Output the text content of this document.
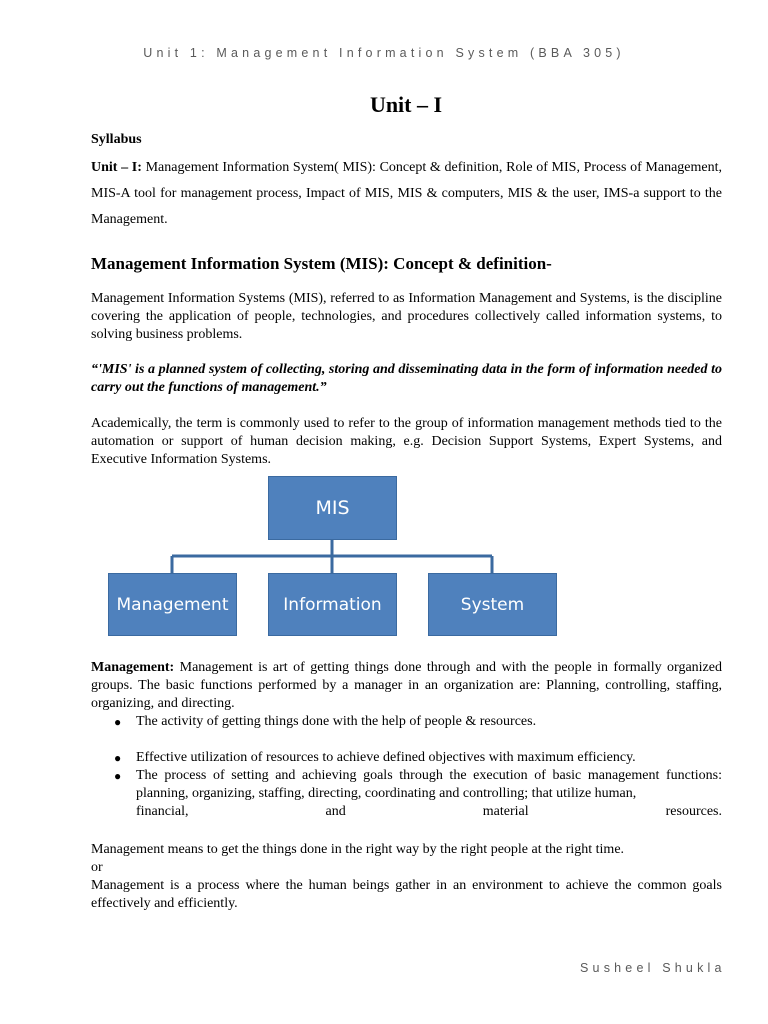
Unit 1: Management Information System (BBA 305)
Unit – I
Syllabus
Unit – I: Management Information System( MIS): Concept & definition, Role of MIS, Process of Management, MIS-A tool for management process, Impact of MIS, MIS & computers, MIS & the user, IMS-a support to the Management.
Management Information System (MIS): Concept & definition-
Management Information Systems (MIS), referred to as Information Management and Systems, is the discipline covering the application of people, technologies, and procedures collectively called information systems, to solving business problems.
“'MIS' is a planned system of collecting, storing and disseminating data in the form of information needed to carry out the functions of management.”
Academically, the term is commonly used to refer to the group of information management methods tied to the automation or support of human decision making, e.g. Decision Support Systems, Expert Systems, and Executive Information Systems.
MIS
Management	Information	System
Management: Management is art of getting things done through and with the people in formally organized groups. The basic functions performed by a manager in an organization are: Planning, controlling, staffing, organizing, and directing.
● The activity of getting things done with the help of people & resources.
● Effective utilization of resources to achieve defined objectives with maximum efficiency.
● The process of setting and achieving goals through the execution of basic management functions: planning, organizing, staffing, directing, coordinating and controlling; that utilize human,
financial,	and	material	resources.
Management means to get the things done in the right way by the right people at the right time.
or
Management is a process where the human beings gather in an environment to achieve the common goals effectively and efficiently.
Susheel Shukla
